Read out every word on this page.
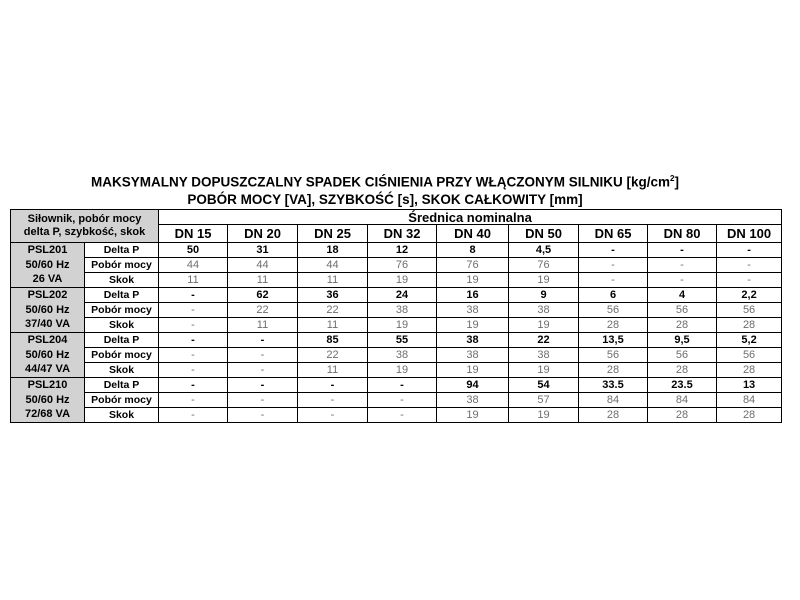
MAKSYMALNY DOPUSZCZALNY SPADEK CIŚNIENIA PRZY WŁĄCZONYM SILNIKU $[kg/cm^2]$
POBÓR MOCY [VA], SZYBKOŚĆ [s], SKOK CAŁKOWITY [mm]
Siłownik, pobór mocy
delta P, szybkość, skok		Średnica nominalna								
		DN 15	DN 20	DN 25	DN 32	DN 40	DN 50	DN 65	DN 80	DN 100
PSL201	Delta P	50	31	18	12	8	4,5	-	-	-
50/60 Hz	Pobór mocy	44	44	44	76	76	76	-	-	-
26 VA	Skok	11	11	11	19	19	19	-	-	-
PSL202	Delta P	-	62	36	24	16	9	6	4	2,2
50/60 Hz	Pobór mocy	-	22	22	38	38	38	56	56	56
37/40 VA	Skok	-	11	11	19	19	19	28	28	28
PSL204	Delta P	-	-	85	55	38	22	13,5	9,5	5,2
50/60 Hz	Pobór mocy	-	-	22	38	38	38	56	56	56
44/47 VA	Skok	-	-	11	19	19	19	28	28	28
PSL210	Delta P	-	-	-	-	94	54	33.5	23.5	13
50/60 Hz	Pobór mocy	-	-	-	-	38	57	84	84	84
72/68 VA	Skok	-	-	-	-	19	19	28	28	28
